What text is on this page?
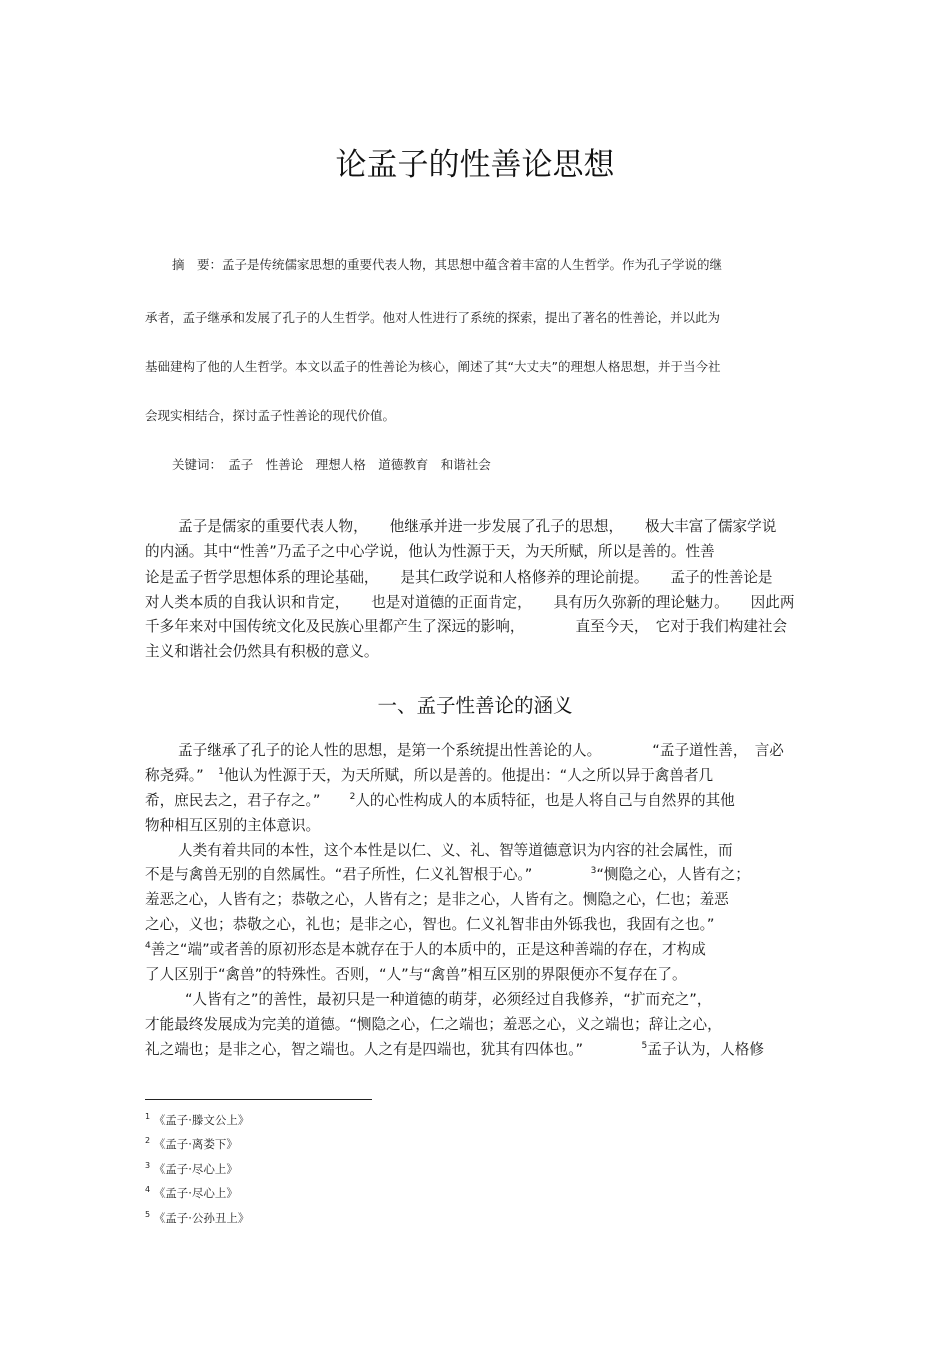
论孟子的性善论思想
摘　要：孟子是传统儒家思想的重要代表人物，其思想中蕴含着丰富的人生哲学。作为孔子学说的继
承者，孟子继承和发展了孔子的人生哲学。他对人性进行了系统的探索，提出了著名的性善论，并以此为
基础建构了他的人生哲学。本文以孟子的性善论为核心，阐述了其“大丈夫”的理想人格思想，并于当今社
会现实相结合，探讨孟子性善论的现代价值。
关键词：　孟子　性善论　理想人格　道德教育　和谐社会
孟子是儒家的重要代表人物，　　他继承并进一步发展了孔子的思想，　　极大丰富了儒家学说
的内涵。其中“性善”乃孟子之中心学说，他认为性源于天，为天所赋，所以是善的。性善
论是孟子哲学思想体系的理论基础，　　是其仁政学说和人格修养的理论前提。　　孟子的性善论是
对人类本质的自我认识和肯定，　　也是对道德的正面肯定，　　具有历久弥新的理论魅力。　　因此两
千多年来对中国传统文化及民族心里都产生了深远的影响，　　　　直至今天，　它对于我们构建社会
主义和谐社会仍然具有积极的意义。
一、孟子性善论的涵义
孟子继承了孔子的论人性的思想，是第一个系统提出性善论的人。　　　　“孟子道性善，　言必
称尧舜。”　$^1$他认为性源于天，为天所赋，所以是善的。他提出：“人之所以异于禽兽者几
希，庶民去之，君子存之。”　　$^2$人的心性构成人的本质特征，也是人将自己与自然界的其他
物种相互区别的主体意识。
人类有着共同的本性，这个本性是以仁、义、礼、智等道德意识为内容的社会属性，而
不是与禽兽无别的自然属性。“君子所性，仁义礼智根于心。”　　　　$^3$“恻隐之心，人皆有之；
羞恶之心，人皆有之；恭敬之心，人皆有之；是非之心，人皆有之。恻隐之心，仁也；羞恶
之心，义也；恭敬之心，礼也；是非之心，智也。仁义礼智非由外铄我也，我固有之也。”
$^4$善之“端”或者善的原初形态是本就存在于人的本质中的，正是这种善端的存在，才构成
了人区别于“禽兽”的特殊性。否则，“人”与“禽兽”相互区别的界限便亦不复存在了。
“人皆有之”的善性，最初只是一种道德的萌芽，必须经过自我修养，“扩而充之”，
才能最终发展成为完美的道德。“恻隐之心，仁之端也；羞恶之心，义之端也；辞让之心，
礼之端也；是非之心，智之端也。人之有是四端也，犹其有四体也。”　　　　$^5$孟子认为，人格修
$^1$ 《孟子·滕文公上》
$^2$ 《孟子·离娄下》
$^3$ 《孟子·尽心上》
$^4$ 《孟子·尽心上》
$^5$ 《孟子·公孙丑上》
